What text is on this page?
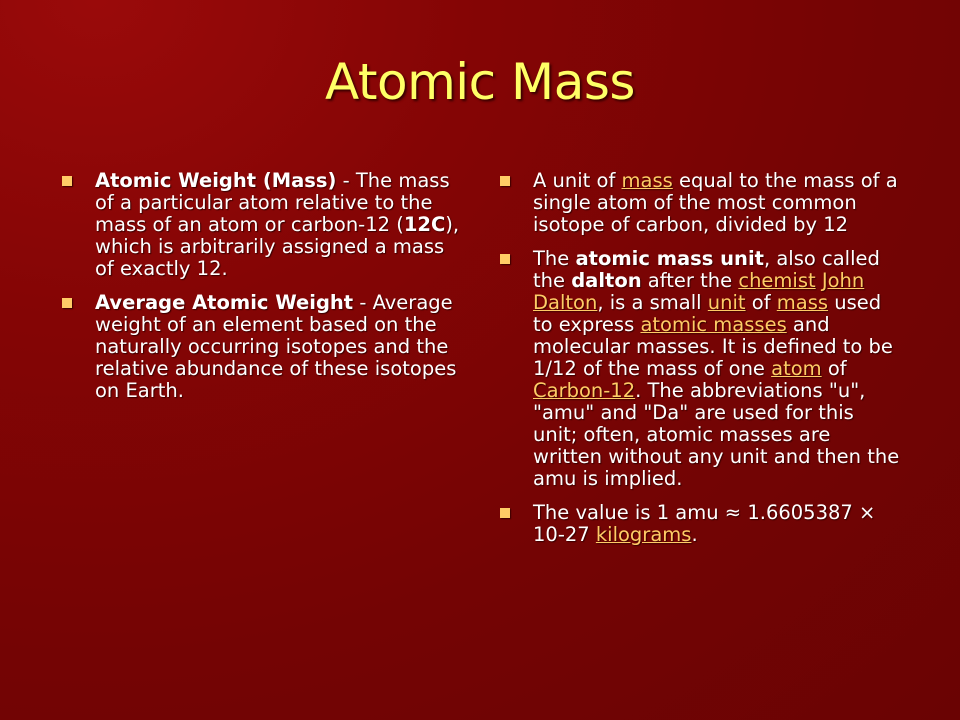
Atomic Mass
Atomic Weight (Mass) - The mass of a particular atom relative to the mass of an atom or carbon-12 (12C), which is arbitrarily assigned a mass of exactly 12.
Average Atomic Weight - Average weight of an element based on the naturally occurring isotopes and the relative abundance of these isotopes on Earth.
A unit of mass equal to the mass of a single atom of the most common isotope of carbon, divided by 12
The atomic mass unit, also called the dalton after the chemist John Dalton, is a small unit of mass used to express atomic masses and molecular masses. It is defined to be 1/12 of the mass of one atom of Carbon-12. The abbreviations "u", "amu" and "Da" are used for this unit; often, atomic masses are written without any unit and then the amu is implied.
The value is 1 amu ≈ 1.6605387 × 10-27 kilograms.
